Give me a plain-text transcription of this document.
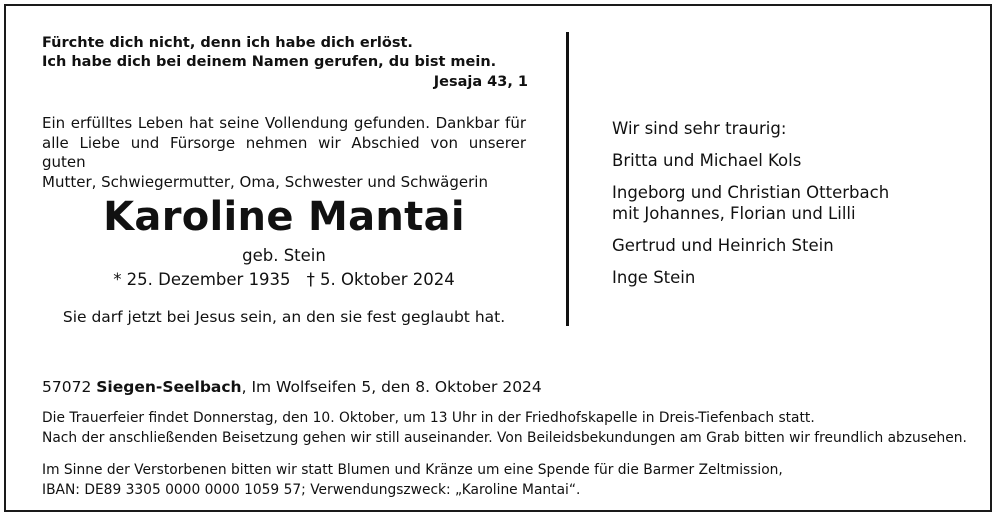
Fürchte dich nicht, denn ich habe dich erlöst.
Ich habe dich bei deinem Namen gerufen, du bist mein.
Jesaja 43, 1
Ein erfülltes Leben hat seine Vollendung gefunden. Dankbar für
alle Liebe und Fürsorge nehmen wir Abschied von unserer guten
Mutter, Schwiegermutter, Oma, Schwester und Schwägerin
Karoline Mantai
geb. Stein
* 25. Dezember 1935 † 5. Oktober 2024
Sie darf jetzt bei Jesus sein, an den sie fest geglaubt hat.
Wir sind sehr traurig:
Britta und Michael Kols
Ingeborg und Christian Otterbach
mit Johannes, Florian und Lilli
Gertrud und Heinrich Stein
Inge Stein
57072 Siegen-Seelbach, Im Wolfseifen 5, den 8. Oktober 2024
Die Trauerfeier findet Donnerstag, den 10. Oktober, um 13 Uhr in der Friedhofskapelle in Dreis-Tiefenbach statt.
Nach der anschließenden Beisetzung gehen wir still auseinander. Von Beileidsbekundungen am Grab bitten wir freundlich abzusehen.
Im Sinne der Verstorbenen bitten wir statt Blumen und Kränze um eine Spende für die Barmer Zeltmission,
IBAN: DE89 3305 0000 0000 1059 57; Verwendungszweck: „Karoline Mantai“.
